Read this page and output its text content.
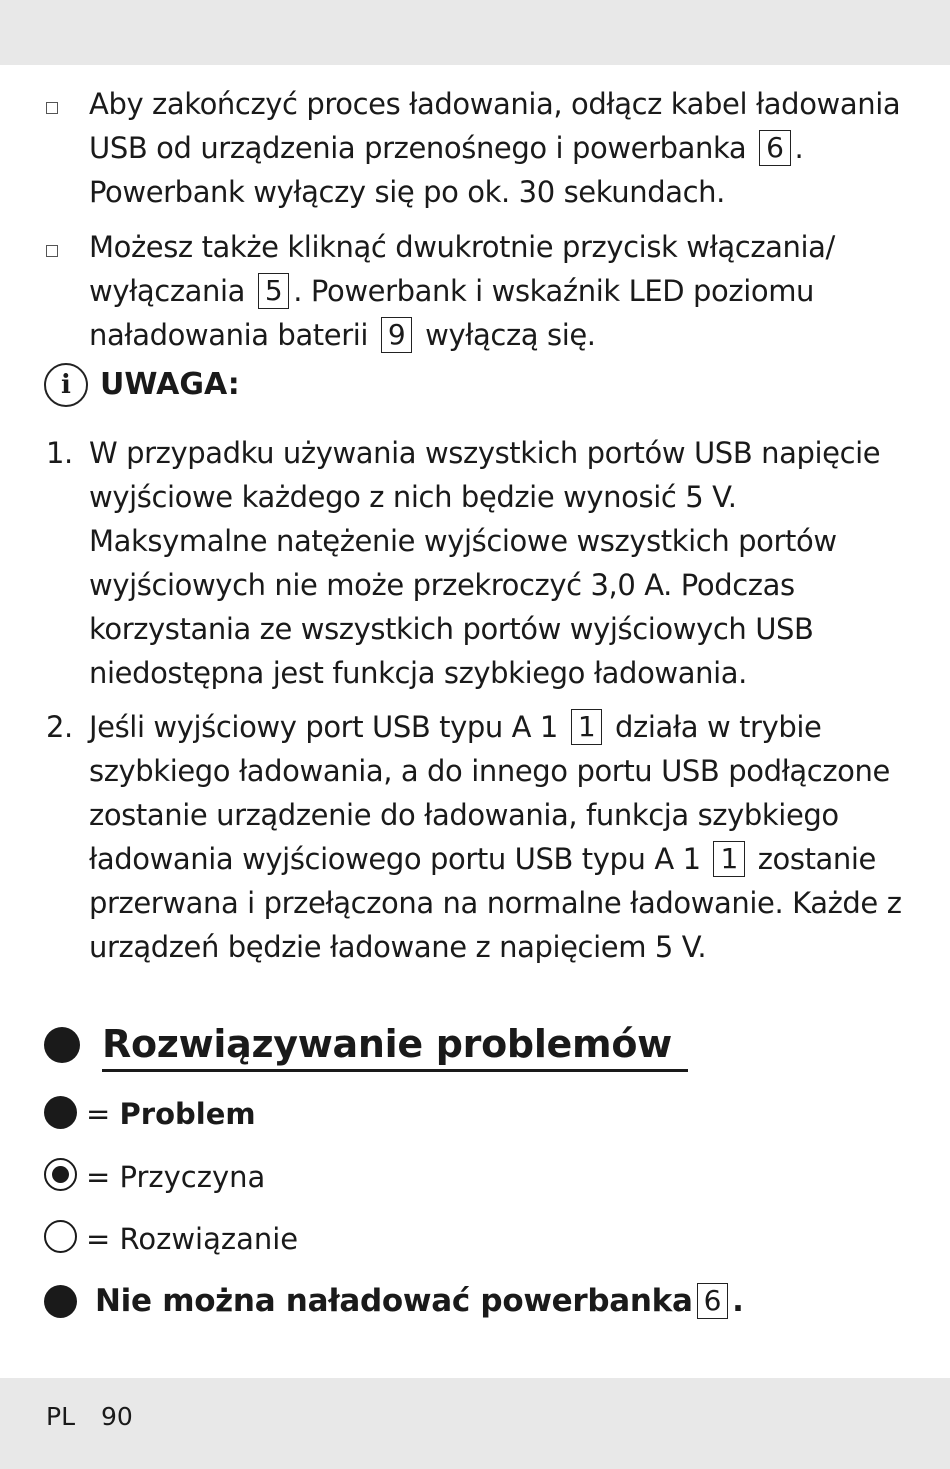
Aby zakończyć proces ładowania, odłącz kabel ładowania USB od urządzenia przenośnego i powerbanka 6 . Powerbank wyłączy się po ok. 30 sekundach.
Możesz także kliknąć dwukrotnie przycisk włączania/ wyłączania 5 . Powerbank i wskaźnik LED poziomu naładowania baterii 9 wyłączą się.
i UWAGA:
1. W przypadku używania wszystkich portów USB napięcie wyjściowe każdego z nich będzie wynosić 5 V. Maksymalne natężenie wyjściowe wszystkich portów wyjściowych nie może przekroczyć 3,0 A. Podczas korzystania ze wszystkich portów wyjściowych USB niedostępna jest funkcja szybkiego ładowania.
2. Jeśli wyjściowy port USB typu A 1 1 działa w trybie szybkiego ładowania, a do innego portu USB podłączone zostanie urządzenie do ładowania, funkcja szybkiego ładowania wyjściowego portu USB typu A 1 1 zostanie przerwana i przełączona na normalne ładowanie. Każde z urządzeń będzie ładowane z napięciem 5 V.
Rozwiązywanie problemów
= Problem
= Przyczyna
= Rozwiązanie
Nie można naładować powerbanka 6 .
PL 90
